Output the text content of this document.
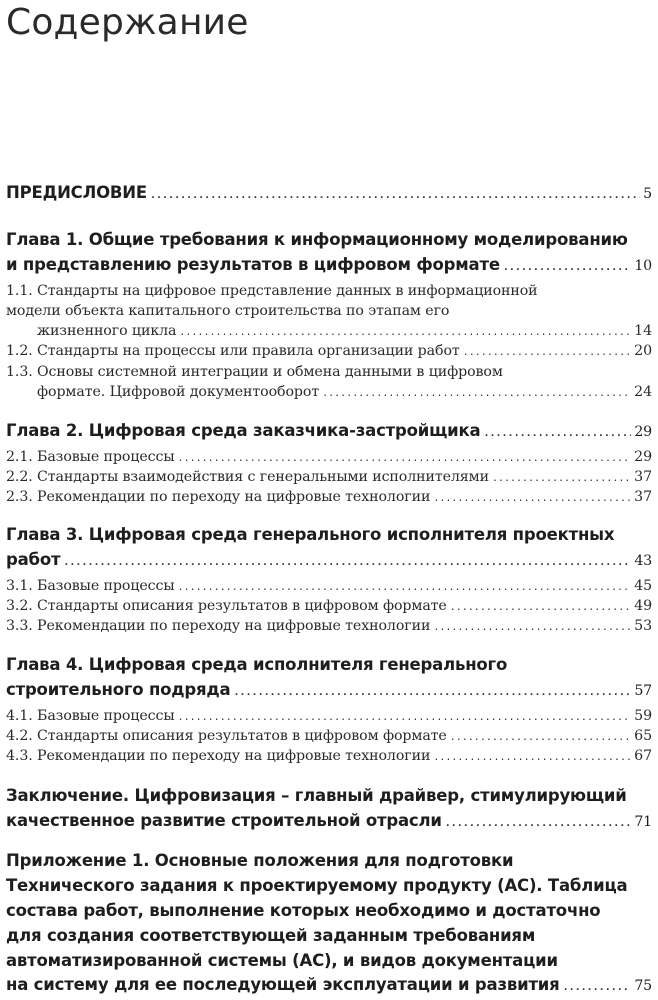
Содержание
ПРЕДИСЛОВИЕ .....	5
Глава 1. Общие требования к информационному моделированию
и представлению результатов в цифровом формате .....	10
1.1. Стандарты на цифровое представление данных в информационной
модели объекта капитального строительства по этапам его
жизненного цикла .....	14
1.2. Стандарты на процессы или правила организации работ .....	20
1.3. Основы системной интеграции и обмена данными в цифровом
формате. Цифровой документооборот .....	24
Глава 2. Цифровая среда заказчика-застройщика .....	29
2.1. Базовые процессы .....	29
2.2. Стандарты взаимодействия с генеральными исполнителями .....	37
2.3. Рекомендации по переходу на цифровые технологии .....	37
Глава 3. Цифровая среда генерального исполнителя проектных
работ .....	43
3.1. Базовые процессы .....	45
3.2. Стандарты описания результатов в цифровом формате .....	49
3.3. Рекомендации по переходу на цифровые технологии .....	53
Глава 4. Цифровая среда исполнителя генерального
строительного подряда .....	57
4.1. Базовые процессы .....	59
4.2. Стандарты описания результатов в цифровом формате .....	65
4.3. Рекомендации по переходу на цифровые технологии .....	67
Заключение. Цифровизация – главный драйвер, стимулирующий
качественное развитие строительной отрасли .....	71
Приложение 1. Основные положения для подготовки
Технического задания к проектируемому продукту (АС). Таблица
состава работ, выполнение которых необходимо и достаточно
для создания соответствующей заданным требованиям
автоматизированной системы (АС), и видов документации
на систему для ее последующей эксплуатации и развития .....	75
